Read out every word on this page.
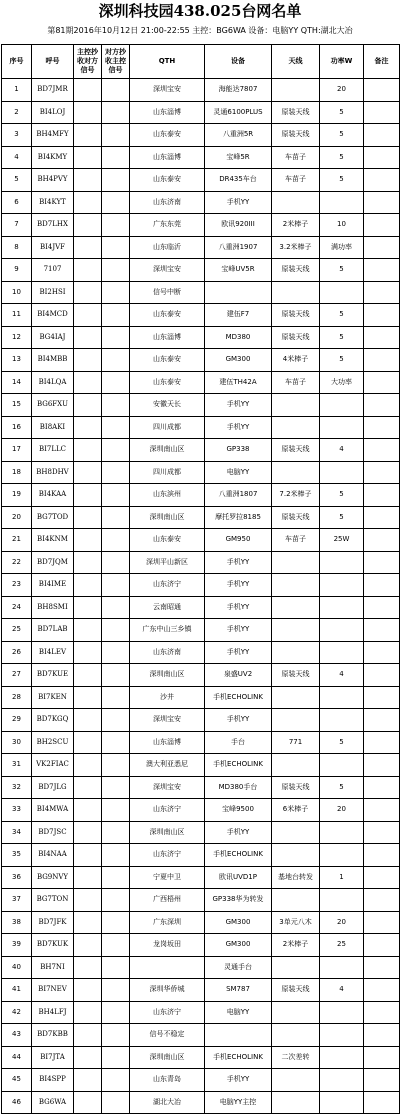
深圳科技园438.025台网名单
第81期2016年10月12日 21:00-22:55 主控：BG6WA 设备：电脑YY QTH:湖北大冶
序号	呼号	主控抄收对方信号	对方抄收主控信号	QTH	设备	天线	功率W	备注
1	BD7JMR			深圳宝安	海能达7807		20	
2	BI4LOJ			山东淄博	灵通6100PLUS	原装天线	5	
3	BH4MFY			山东泰安	八重洲5R	原装天线	5	
4	BI4KMY			山东淄博	宝峰5R	车苗子	5	
5	BH4PVY			山东泰安	DR435车台	车苗子	5	
6	BI4KYT			山东济南	手机YY			
7	BD7LHX			广东东莞	欧讯920III	2米棒子	10	
8	BI4JVF			山东临沂	八重洲1907	3.2米棒子	满功率	
9	7107			深圳宝安	宝峰UV5R	原装天线	5	
10	BI2HSI			信号中断				
11	BI4MCD			山东泰安	建伍F7	原装天线	5	
12	BG4IAJ			山东淄博	MD380	原装天线	5	
13	BI4MBB			山东泰安	GM300	4米棒子	5	
14	BI4LQA			山东泰安	建伍TH42A	车苗子	大功率	
15	BG6FXU			安徽天长	手机YY			
16	BI8AKI			四川成都	手机YY			
17	BI7LLC			深圳南山区	GP338	原装天线	4	
18	BH8DHV			四川成都	电脑YY			
19	BI4KAA			山东滨州	八重洲1807	7.2米棒子	5	
20	BG7TOD			深圳南山区	摩托罗拉8185	原装天线	5	
21	BI4KNM			山东泰安	GM950	车苗子	25W	
22	BD7JQM			深圳平山新区	手机YY			
23	BI4IME			山东济宁	手机YY			
24	BH8SMI			云南昭通	手机YY			
25	BD7LAB			广东中山三乡镇	手机YY			
26	BI4LEV			山东济南	手机YY			
27	BD7KUE			深圳南山区	泉盛UV2	原装天线	4	
28	BI7KEN			沙井	手机ECHOLINK			
29	BD7KGQ			深圳宝安	手机YY			
30	BH2SCU			山东淄博	手台	771	5	
31	VK2FIAC			澳大利亚悉尼	手机ECHOLINK			
32	BD7JLG			深圳宝安	MD380手台	原装天线	5	
33	BI4MWA			山东济宁	宝峰9500	6米棒子	20	
34	BD7JSC			深圳南山区	手机YY			
35	BI4NAA			山东济宁	手机ECHOLINK			
36	BG9NVY			宁夏中卫	欧讯UVD1P	基地台转发	1	
37	BG7TON			广西梧州	GP338华为转发			
38	BD7JFK			广东深圳	GM300	3单元八木	20	
39	BD7KUK			龙岗坂田	GM300	2米棒子	25	
40	BH7NI				灵通手台			
41	BI7NEV			深圳华侨城	SM787	原装天线	4	
42	BH4LFJ			山东济宁	电脑YY			
43	BD7KBB			信号不稳定				
44	BI7JTA			深圳南山区	手机ECHOLINK	二次差转		
45	BI4SPP			山东青岛	手机YY			
46	BG6WA			湖北大冶	电脑YY主控			
